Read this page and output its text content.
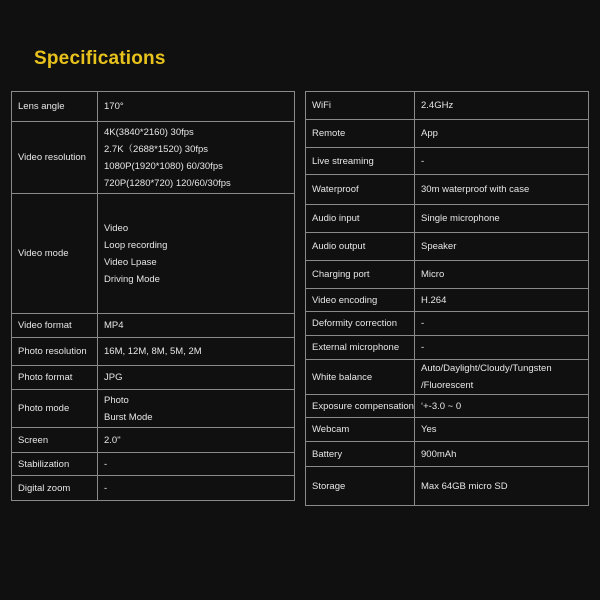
Specifications
Lens angle	170°

Video resolution	4K(3840*2160) 30fps
2.7K（2688*1520) 30fps
1080P(1920*1080) 60/30fps
720P(1280*720) 120/60/30fps

Video mode	Video
Loop recording
Video Lpase
Driving Mode

Video format	MP4

Photo resolution	16M, 12M, 8M, 5M, 2M

Photo format	JPG

Photo mode	Photo
Burst Mode

Screen	2.0"

Stabilization	-

Digital zoom	-
WiFi	2.4GHz

Remote	App

Live streaming	-

Waterproof	30m waterproof with case

Audio input	Single microphone

Audio output	Speaker

Charging port	Micro

Video encoding	H.264

Deformity correction	-

External microphone	-

White balance	Auto/Daylight/Cloudy/Tungsten
/Fluorescent

Exposure compensation	‘+-3.0 ~ 0

Webcam	Yes

Battery	900mAh

Storage	Max 64GB micro SD
